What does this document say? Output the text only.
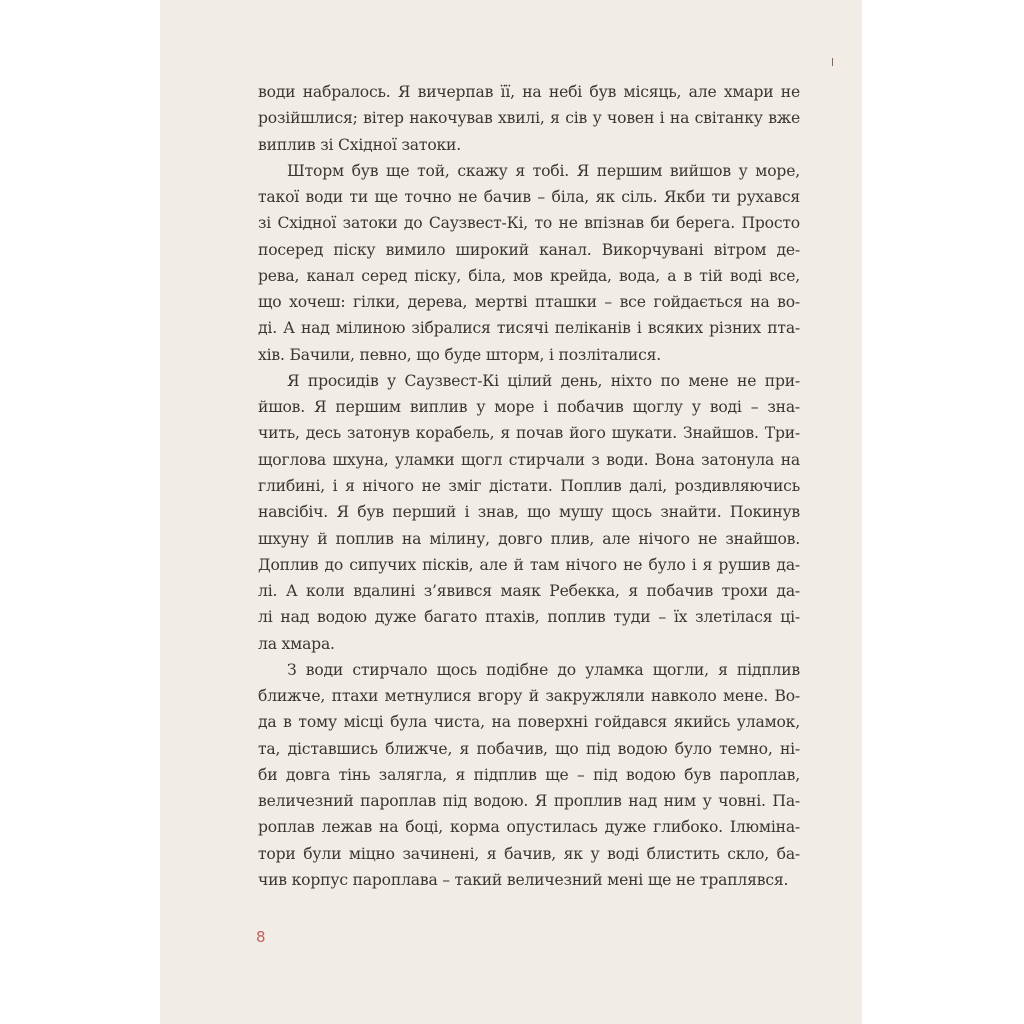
води набралось. Я вичерпав її, на небі був місяць, але хмари не
розійшлися; вітер накочував хвилі, я сів у човен і на світанку вже
виплив зі Східної затоки.
Шторм був ще той, скажу я тобі. Я першим вийшов у море,
такої води ти ще точно не бачив – біла, як сіль. Якби ти рухався
зі Східної затоки до Саузвест-Кі, то не впізнав би берега. Просто
посеред піску вимило широкий канал. Викорчувані вітром де-
рева, канал серед піску, біла, мов крейда, вода, а в тій воді все,
що хочеш: гілки, дерева, мертві пташки – все гойдається на во-
ді. А над мілиною зібралися тисячі пеліканів і всяких різних пта-
хів. Бачили, певно, що буде шторм, і позліталися.
Я просидів у Саузвест-Кі цілий день, ніхто по мене не при-
йшов. Я першим виплив у море і побачив щоглу у воді – зна-
чить, десь затонув корабель, я почав його шукати. Знайшов. Три-
щоглова шхуна, уламки щогл стирчали з води. Вона затонула на
глибині, і я нічого не зміг дістати. Поплив далі, роздивляючись
навсібіч. Я був перший і знав, що мушу щось знайти. Покинув
шхуну й поплив на мілину, довго плив, але нічого не знайшов.
Доплив до сипучих пісків, але й там нічого не було і я рушив да-
лі. А коли вдалині з’явився маяк Ребекка, я побачив трохи да-
лі над водою дуже багато птахів, поплив туди – їх злетілася ці-
ла хмара.
З води стирчало щось подібне до уламка щогли, я підплив
ближче, птахи метнулися вгору й закружляли навколо мене. Во-
да в тому місці була чиста, на поверхні гойдався якийсь уламок,
та, діставшись ближче, я побачив, що під водою було темно, ні-
би довга тінь залягла, я підплив ще – під водою був пароплав,
величезний пароплав під водою. Я проплив над ним у човні. Па-
роплав лежав на боці, корма опустилась дуже глибоко. Ілюміна-
тори були міцно зачинені, я бачив, як у воді блистить скло, ба-
чив корпус пароплава – такий величезний мені ще не траплявся.
8
